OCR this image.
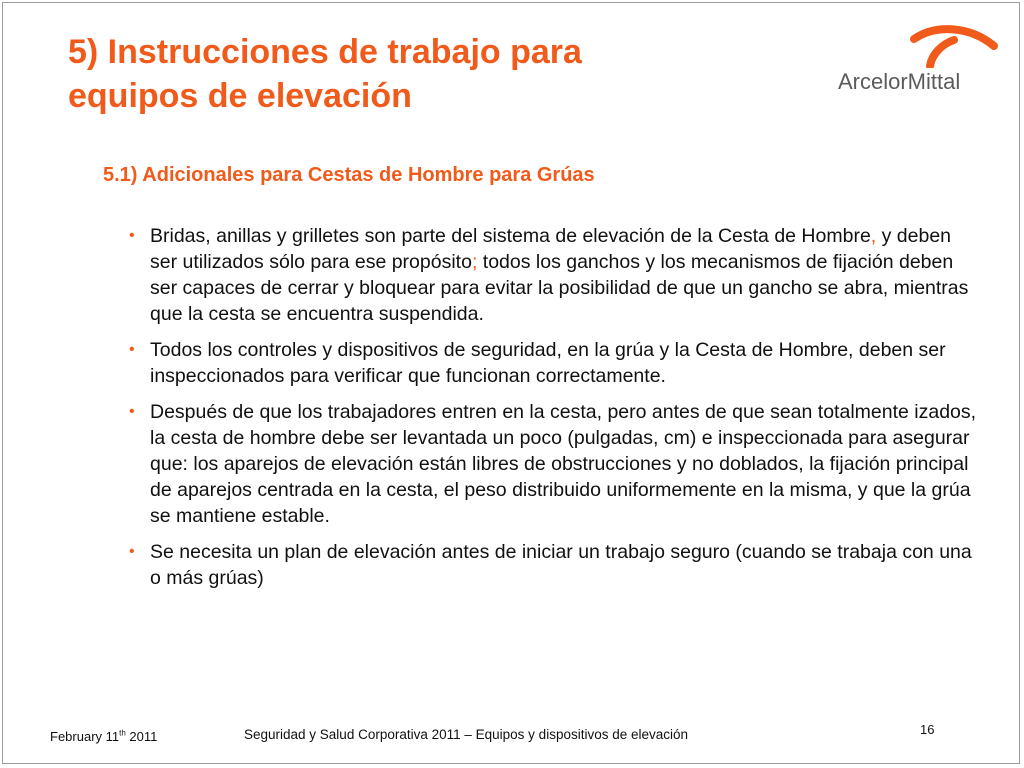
5) Instrucciones de trabajo para
equipos de elevación	ArcelorMittal
5.1) Adicionales para Cestas de Hombre para Grúas
• Bridas, anillas y grilletes son parte del sistema de elevación de la Cesta de Hombre, y deben ser utilizados sólo para ese propósito; todos los ganchos y los mecanismos de fijación deben ser capaces de cerrar y bloquear para evitar la posibilidad de que un gancho se abra, mientras que la cesta se encuentra suspendida.
• Todos los controles y dispositivos de seguridad, en la grúa y la Cesta de Hombre, deben ser inspeccionados para verificar que funcionan correctamente.
• Después de que los trabajadores entren en la cesta, pero antes de que sean totalmente izados, la cesta de hombre debe ser levantada un poco (pulgadas, cm) e inspeccionada para asegurar que: los aparejos de elevación están libres de obstrucciones y no doblados, la fijación principal de aparejos centrada en la cesta, el peso distribuido uniformemente en la misma, y que la grúa se mantiene estable.
• Se necesita un plan de elevación antes de iniciar un trabajo seguro (cuando se trabaja con una o más grúas)
February 11th 2011	Seguridad y Salud Corporativa 2011 – Equipos y dispositivos de elevación	16
